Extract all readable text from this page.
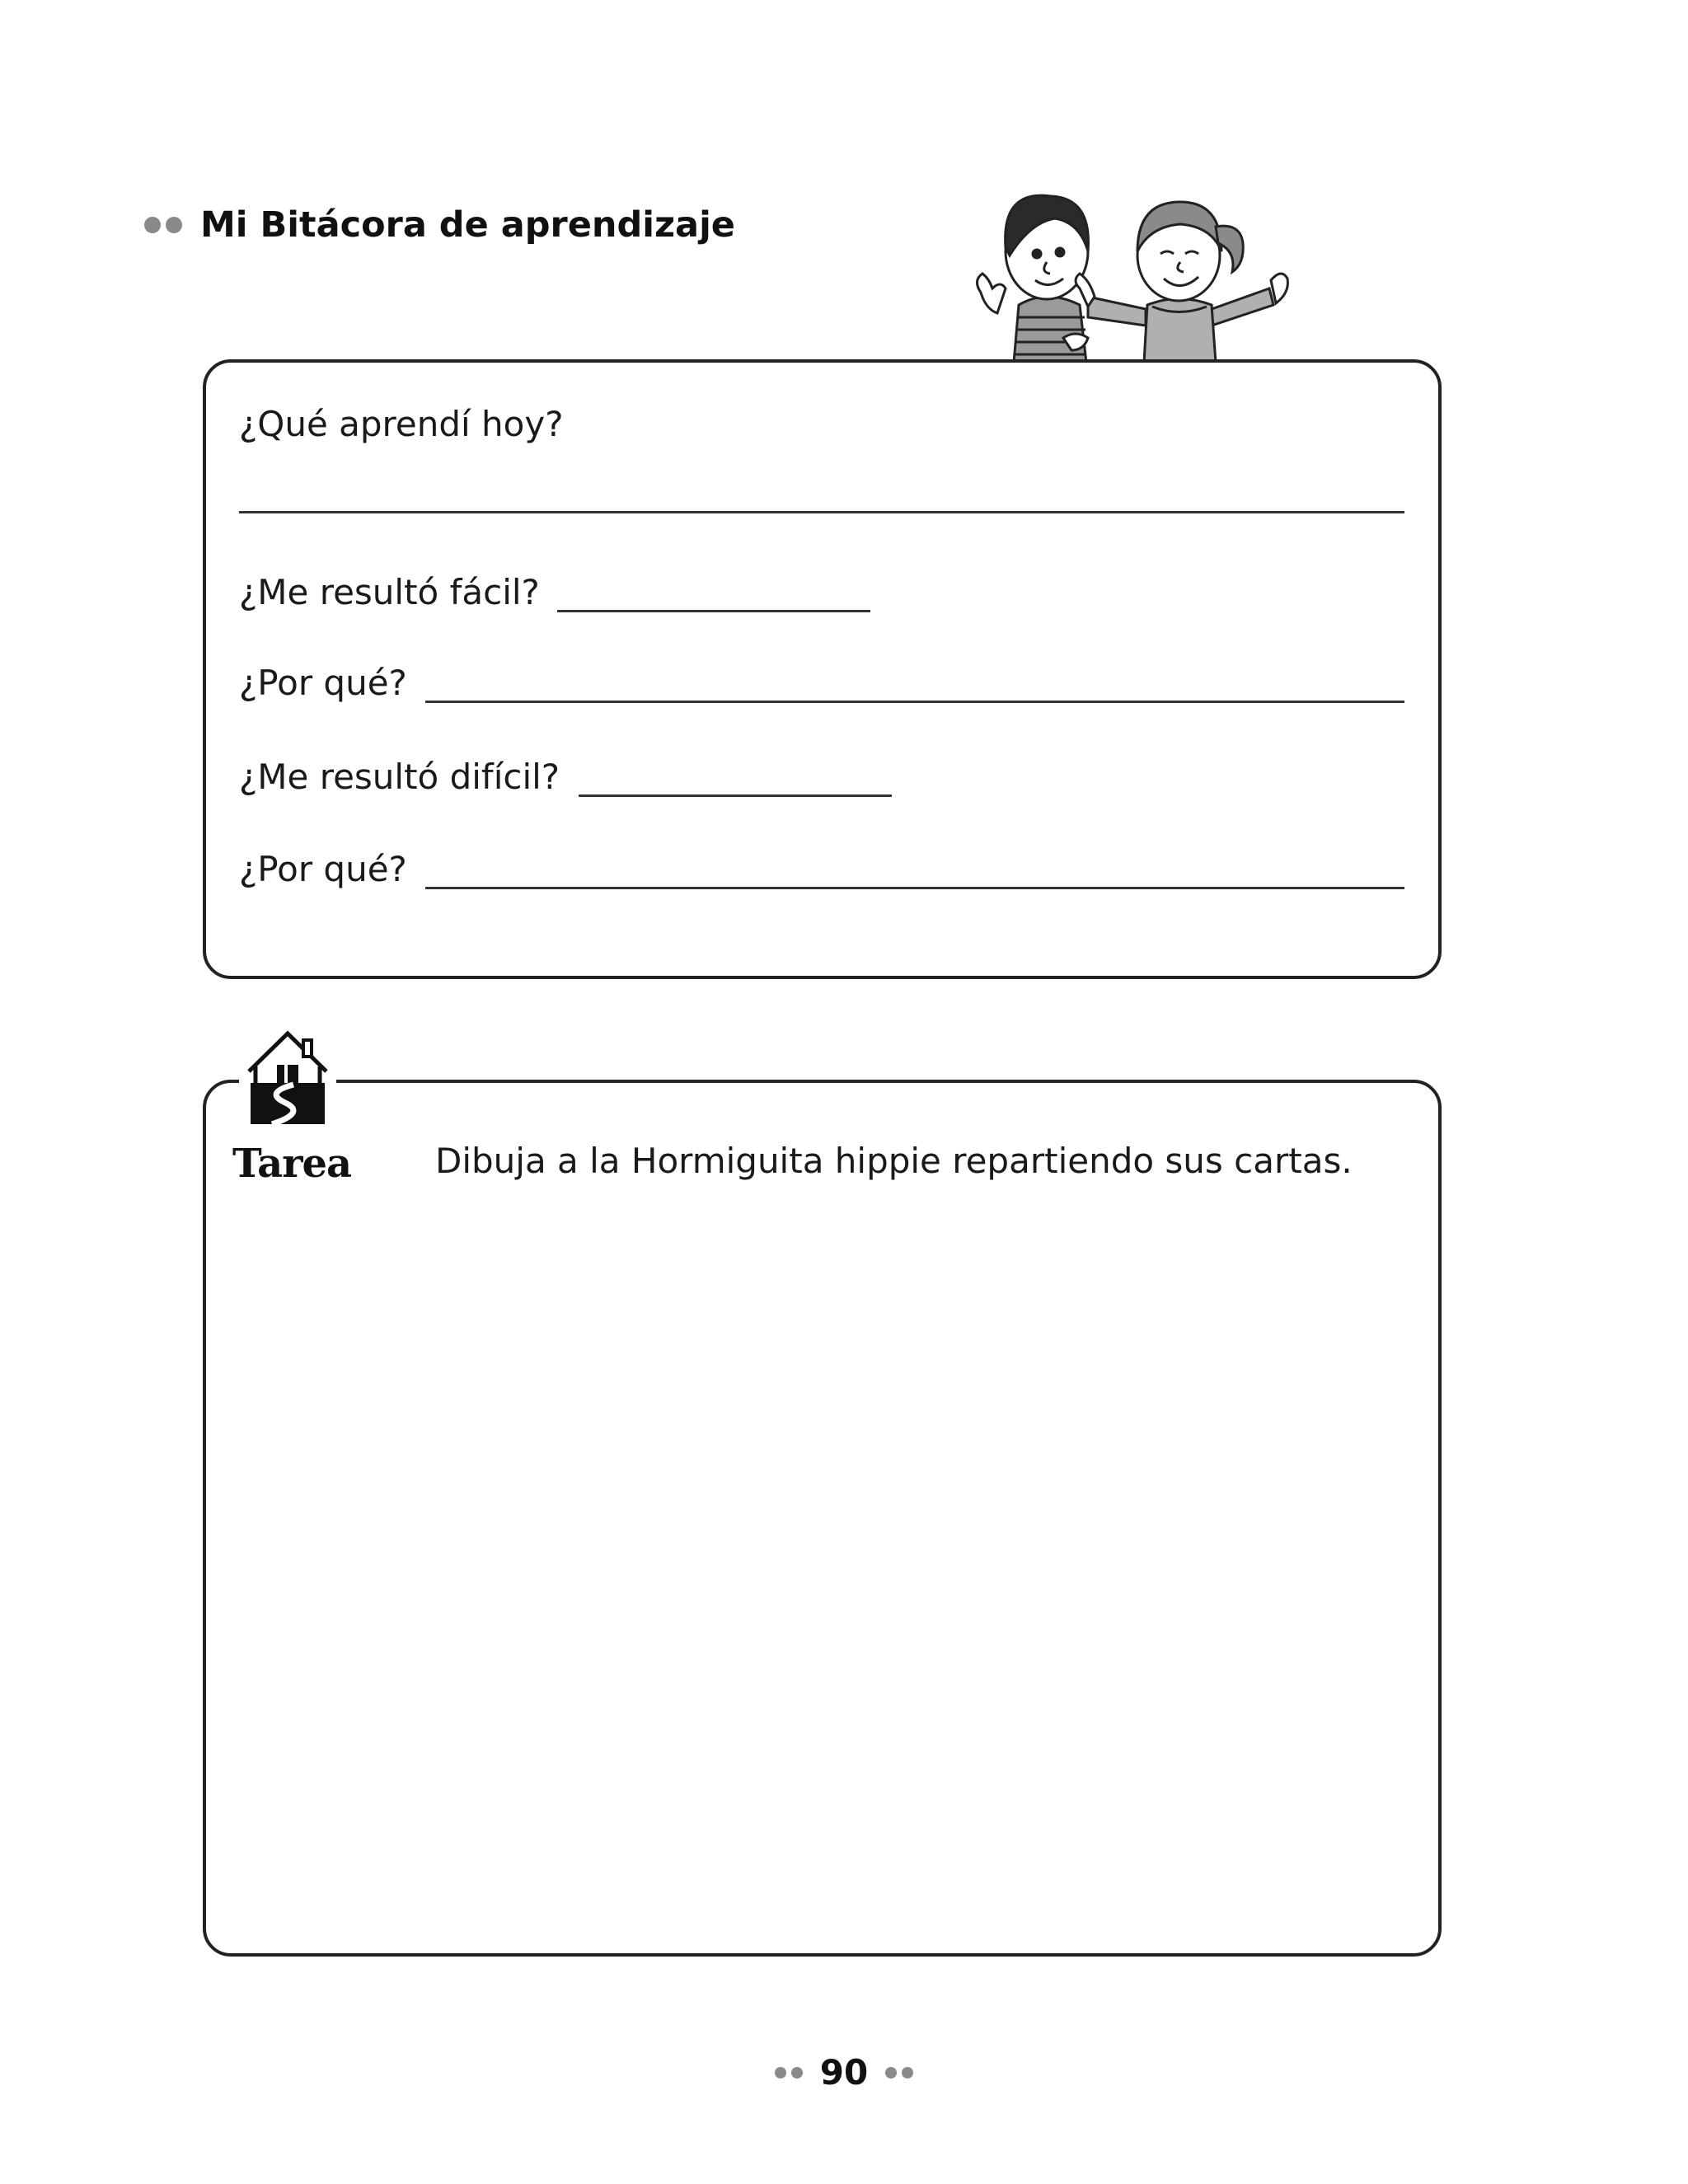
Mi Bitácora de aprendizaje
¿Qué aprendí hoy?
¿Me resultó fácil?
¿Por qué?
¿Me resultó difícil?
¿Por qué?
Tarea Dibuja a la Hormiguita hippie repartiendo sus cartas.
90
